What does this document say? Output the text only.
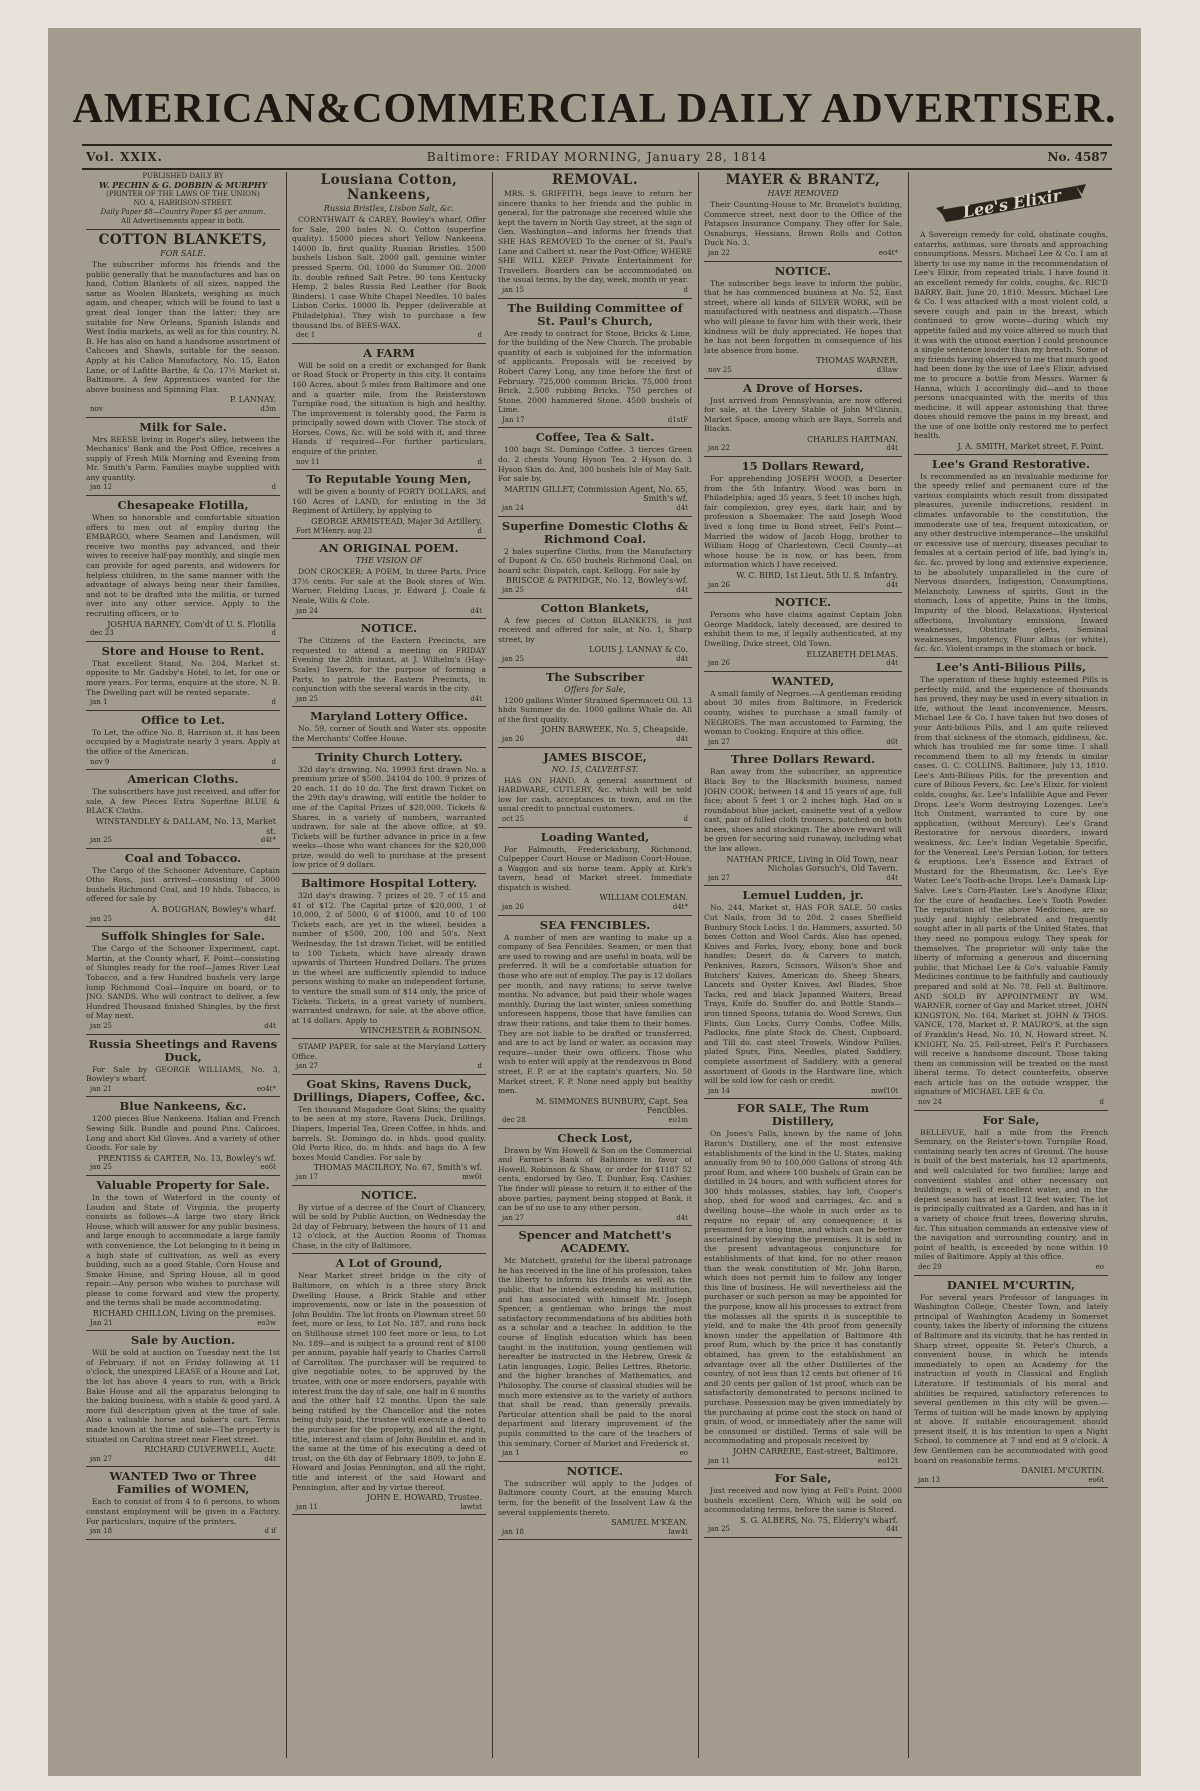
AMERICAN&COMMERCIAL DAILY ADVERTISER.
Vol. XXIX.	Baltimore: FRIDAY MORNING, January 28, 1814	No. 4587
PUBLISHED DAILY BY
W. PECHIN & G. DOBBIN & MURPHY
(PRINTER OF THE LAWS OF THE UNION)
NO. 4, HARRISON-STREET.
Daily Paper $8—Country Paper $5 per annum.
All Advertisements appear in both.
COTTON BLANKETS,
FOR SALE.
The subscriber informs his friends and the public generally that he manufactures and has on hand, Cotton Blankets of all sizes, napped the same as Woolen Blankets, weighing as much again, and cheaper, which will be found to last a great deal longer than the latter; they are suitable for New Orleans, Spanish Islands and West India markets, as well as for this country. N. B. He has also on hand a handsome assortment of Calicoes and Shawls, suitable for the season. Apply at his Calico Manufactory, No. 15, Eaton Lane, or of Lafitte Barthe, & Co. 17½ Market st. Baltimore. A few Apprentices wanted for the above business and Spinning Flax.
P. LANNAY.
nov	d3m
Milk for Sale.
Mrs REESE living in Roger's alley, between the Mechanics' Bank and the Post Office, receives a supply of Fresh Milk Morning and Evening from Mr. Smith's Farm. Families maybe supplied with any quantity.
jan 12	d
Chesapeake Flotilla,
When so honorable and comfortable situation offers to men out of employ during the EMBARGO, where Seamen and Landsmen, will receive two months pay advanced, and their wives to receive half-pay monthly, and single men can provide for aged parents, and widowers for helpless children, in the same manner with the advantage of always being near their families, and not to be drafted into the militia, or turned over into any other service. Apply to the recruiting officers, or to
JOSHUA BARNEY, Com'dt of U. S. Flotilla
dec 23	d
Store and House to Rent.
That excellent Stand, No. 204, Market st. opposite to Mr. Gadsby's Hotel, to let, for one or more years. For terms, enquire at the store. N. B. The Dwelling part will be rented separate.
jan 1	d
Office to Let.
To Let, the office No. 8, Harrison st. it has been occupied by a Magistrate nearly 3 years. Apply at the office of the American.
nov 9	d
American Cloths.
The subscribers have just received, and offer for sale, A few Pieces Extra Superfine BLUE & BLACK Cloths.
WINSTANDLEY & DALLAM, No. 13, Market st.
jan 25	d4t*
Coal and Tobacco.
The Cargo of the Schooner Adventure, Captain Otho Ross, just arrived—consisting of 3000 bushels Richmond Coal, and 10 hhds. Tobacco, is offered for sale by
A. BOUGHAN, Bowley's wharf.
jan 25	d4t
Suffolk Shingles for Sale.
The Cargo of the Schooner Experiment, capt. Martin, at the County wharf, F. Point—consisting of Shingles ready for the roof—James River Leaf Tobacco, and a few Hundred bushels very large lump Richmond Coal—Inquire on board, or to JNO. SANDS. Who will contract to deliver, a few Hundred Thousand finished Shingles, by the first of May next.
jan 25	d4t
Russia Sheetings and Ravens Duck,
For Sale by GEORGE WILLIAMS, No. 3, Bowley's wharf.
jan 21	eo4t*
Blue Nankeens, &c.
1200 pieces Blue Nankeens. Italian and French Sewing Silk. Bundle and pound Pins. Calicoes, Long and short Kid Gloves. And a variety of other Goods. For sale by
PRENTISS & CARTER, No. 13, Bowley's wf.
jan 25	eo6t
Valuable Property for Sale.
In the town of Waterford in the county of Loudon and State of Virginia, the property consists as follows—A large two story Brick House, which will answer for any public business, and large enough to accommodate a large family with convenience, the Lot belonging to it being in a high state of cultivation, as well as every building, such as a good Stable, Corn House and Smoke House, and Spring House, all in good repair.—Any person who wishes to purchase will please to come forward and view the property, and the terms shall be made accommodating.
RICHARD CHILLON, Living on the premises.
Jan 21	eo3w
Sale by Auction.
Will be sold at auction on Tuesday next the 1st of February, if not on Friday following at 11 o'clock, the unexpired LEASE of a House and Lot, the lot has above 4 years to run, with a Brick Bake House and all the apparatus belonging to the baking business, with a stable & good yard. A more full description given at the time of sale. Also a valuable horse and baker's cart. Terms made known at the time of sale—The property is situated on Carolina street near Fleet street.
RICHARD CULVERWELL, Auctr.
jan 27	d4t
WANTED Two or Three Families of WOMEN,
Each to consist of from 4 to 6 persons, to whom constant employment will be given in a Factory. For particulars, inquire of the printers.
jan 18	d if
Lousiana Cotton, Nankeens,
Russia Bristles, Lisbon Salt, &c.
CORNTHWAIT & CAREY, Bowley's wharf, Offer for Sale, 200 bales N. O. Cotton (superfine quality). 15000 pieces short Yellow Nankeens. 14000 lb. first quality Russian Bristles. 1500 bushels Lisbon Salt. 2000 gall. genuine winter pressed Sperm. Oil. 1000 do Summer Oil. 2000 lb. double refined Salt Petre. 90 tons Kentucky Hemp. 2 bales Russia Red Leather (for Book Binders). 1 case White Chapel Needles. 10 bales Lisbon Corks. 10000 lb. Pepper (deliverable at Philadelphia). They wish to purchase a few thousand lbs. of BEES-WAX.
dec 1	d
A FARM
Will be sold on a credit or exchanged for Bank or Road Stock or Property in this city. It contains 160 Acres, about 5 miles from Baltimore and one and a quarter mile, from the Reisterstown Turnpike road, the situation is high and healthy. The improvement is tolerably good, the Farm is principally sowed down with Clover. The stock of Horses, Cows, &c. will be sold with it, and three Hands if required—For further particulars, enquire of the printer.
nov 11	d
To Reputable Young Men,
will be given a bounty of FORTY DOLLARS, and 160 Acres of LAND, for enlisting in the 3d Regiment of Artillery, by applying to
GEORGE ARMISTEAD, Major 3d Artillery.
Fort M'Henry. aug 23	d
AN ORIGINAL POEM.
THE VISION OF
DON CROCKER; A POEM, In three Parts. Price 37½ cents. For sale at the Book stores of Wm. Warner, Fielding Lucas, jr. Edward J. Coale & Neale, Wills & Cole.
jan 24	d4t
NOTICE.
The Citizens of the Eastern Precincts, are requested to attend a meeting on FRIDAY Evening the 28th instant, at J. Wilhelm's (Hay-Scales) Tavern, for the purpose of forming a Party, to patrole the Eastern Precincts, in conjunction with the several wards in the city.
jan 25	d4t
Maryland Lottery Office.
No. 59, corner of South and Water sts. opposite the Merchants' Coffee House.
Trinity Church Lottery.
32d day's drawing. No. 19993 first drawn No. a premium prize of $500. 24104 do 100. 9 prizes of 20 each. 11 do 10 do. The first drawn Ticket on the 29th day's drawing, will entitle the holder to one of the Capital Prizes of $20,000. Tickets & Shares, in a variety of numbers, warranted undrawn, for sale at the above office, at $9. Tickets will be further advance in price in a few weeks—those who want chances for the $20,000 prize, would do well to purchase at the present low price of 9 dollars.
Baltimore Hospital Lottery.
32d day's drawing. 7 prizes of 20, 7 of 15 and 41 of $12. The Capital prize of $20,000, 1 of 10,000, 2 of 5000, 6 of $1000, and 10 of 100 Tickets each, are yet in the wheel, besides a number of $500, 200, 100 and 50's. Next Wednesday, the 1st drawn Ticket, will be entitled to 100 Tickets, which have already drawn upwards of Thirteen Hundred Dollars. The prizes in the wheel are sufficiently splendid to induce persons wishing to make an independent fortune, to venture the small sum of $14 only, the price of Tickets. Tickets, in a great variety of numbers, warranted undrawn, for sale, at the above office, at 14 dollars. Apply to
WINCHESTER & ROBINSON.
STAMP PAPER, for sale at the Maryland Lottery Office.
jan 27	d
Goat Skins, Ravens Duck, Drillings, Diapers, Coffee, &c.
Ten thousand Magadore Goat Skins; the quality to be seen at my store, Ravens Duck, Drillings, Diapers, Imperial Tea, Green Coffee, in hhds. and barrels. St. Domingo do. in hhds. good quality. Old Porto Rico, do. in hhds. and bags do. A few boxes Mould Candles. For sale by
THOMAS MACILROY, No. 67, Smith's wf.
jan 17	mw6t
NOTICE.
By virtue of a decree of the Court of Chancery, will be sold by Public Auction, on Wednesday the 2d day of February, between the hours of 11 and 12 o'clock, at the Auction Rooms of Thomas Chase, in the city of Baltimore,
A Lot of Ground,
Near Market street bridge in the city of Baltimore, on which is a three story Brick Dwelling House, a Brick Stable and other improvements, now or late in the possession of John Bouldin. The lot fronts on Plowman street 50 feet, more or less, to Lot No. 187, and runs back on Stillhouse street 100 feet more or less, to Lot No. 189—and is subject to a ground rent of $100 per annum, payable half yearly to Charles Carroll of Carrollton. The purchaser will be required to give negotiable notes, to be approved by the trustee, with one or more endorsers, payable with interest from the day of sale, one half in 6 months and the other half 12 months. Upon the sale being ratified by the Chancellor and the notes being duly paid, the trustee will execute a deed to the purchaser for the property, and all the right, title, interest and claim of John Bouldin et. and in the same at the time of his executing a deed of trust, on the 6th day of February 1809, to John E. Howard and Josias Pennington, and all the right, title and interest of the said Howard and Pennington, after and by virtue thereof.
JOHN E. HOWARD, Trustee.
jan 11	lawtst
REMOVAL.
MRS. S. GRIFFITH, begs leave to return her sincere thanks to her friends and the public in general, for the patronage she received while she kept the tavern in North Gay street, at the sign of Gen. Washington—and informs her friends that SHE HAS REMOVED To the corner of St. Paul's Lane and Calbert st. near the Post-Office; WHERE SHE WILL KEEP Private Entertainment for Travellers. Boarders can be accommodated on the usual terms, by the day, week, month or year.
jan 15	d
The Building Committee of St. Paul's Church,
Are ready to contract for Stone, Bricks & Lime, for the building of the New Church. The probable quantity of each is subjoined for the information of applicants. Proposals will be received by Robert Carey Long, any time before the first of February. 725,000 common Bricks. 75,000 front Brick. 2,500 rubbing Bricks. 750 perches of Stone. 2000 hammered Stone. 4500 bushels of Lime.
Jan 17	d1stF
Coffee, Tea & Salt.
100 bags St. Domingo Coffee. 3 tierces Green do. 2 chests Young Hyson Tea. 2 Hyson do. 3 Hyson Skin do. And, 300 bushels Isle of May Salt. For sale by,
MARTIN GILLET, Commission Agent, No. 65, Smith's wf.
jan 24	d4t
Superfine Domestic Cloths & Richmond Coal.
2 bales superfine Cloths, from the Manufactory of Dupont & Co. 650 bushels Richmond Coal, on board schr. Dispatch, capt. Kellogg. For sale by
BRISCOE & PATRIDGE, No. 12, Bowley's-wf.
jan 25	d4t
Cotton Blankets,
A few pieces of Cotton BLANKETS, is just received and offered for sale, at No. 1, Sharp street, by
LOUIS J. LANNAY & Co.
jan 25	d4t
The Subscriber
Offers for Sale,
1200 gallons Winter Strained Spermaceti Oil. 13 hhds Summer do do. 1000 gallons Whale do. All of the first quality.
JOHN BARWEEK, No. 5, Cheapside.
jan 26	d4t
JAMES BISCOE,
NO. 15, CALVERT-ST.
HAS ON HAND, A general assortment of HARDWARE, CUTLERY, &c. which will be sold low for cash, acceptances in town, and on the usual credit to punctual customers.
oct 25	d
Loading Wanted,
For Falmouth, Fredericksburg, Richmond, Culpepper Court House or Madison Court-House, a Waggon and six horse team. Apply at Kirk's tavern, head of Market street. Immediate dispatch is wished.
WILLIAM COLEMAN.
jan 26	d4t*
SEA FENCIBLES.
A number of men are wanting to make up a company of Sea Fencibles. Seamen, or men that are used to rowing and are useful in boats, will be preferred. It will be a comfortable situation for those who are out of employ. The pay is 12 dollars per month, and navy rations; to serve twelve months. No advance, but paid their whole wages monthly. During the last winter, unless something unforeseen happens, those that have families can draw their rations, and take them to their homes. They are not liable to be drafted or transferred, and are to act by land or water, as occasion may require—under their own officers. Those who wish to enter will apply at the rendezvous in Bond street, F. P. or at the captain's quarters, No. 50 Market street, F. P. None need apply but healthy men.
M. SIMMONES BUNBURY, Capt. Sea Fencibles.
dec 28	eo1m
Check Lost,
Drawn by Wm Howell & Son on the Commercial and Farmer's Bank of Baltimore in favor of Howell, Robinson & Shaw, or order for $1187 52 cents, endorsed by Geo. T. Dunbar, Esq. Cashier. The finder will please to return it to either of the above parties; payment being stopped at Bank, it can be of no use to any other person.
jan 27	d4t
Spencer and Matchett's ACADEMY.
Mr. Matchett, grateful for the liberal patronage he has received in the line of his profession, takes the liberty to inform his friends as well as the public, that he intends extending his institution, and has associated with himself Mr. Joseph Spencer, a gentleman who brings the most satisfactory recommendations of his abilities both as a scholar and a teacher. In addition to the course of English education which has been taught in the institution, young gentlemen will hereafter be instructed in the Hebrew, Greek & Latin languages, Logic, Belles Lettres, Rhetoric, and the higher branches of Mathematics, and Philosophy. The course of classical studies will be much more extensive as to the variety of authors that shall be read, than generally prevails. Particular attention shall be paid to the moral department and literary improvement of the pupils committed to the care of the teachers of this seminary. Corner of Market and Frederick st.
jan 1	eo
NOTICE.
The subscriber will apply to the Judges of Baltimore county Court, at the ensuing March term, for the benefit of the Insolvent Law & the several supplements thereto.
SAMUEL M'KEAN.
jan 18	law4t
MAYER & BRANTZ,
HAVE REMOVED
Their Counting-House to Mr. Brunelot's building, Commerce street, next door to the Office of the Patapsco Insurance Company. They offer for Sale, Osnaburgs, Hessians, Brown Rolls and Cotton Duck No. 3.
jan 22	eo4t*
NOTICE.
The subscriber begs leave to inform the public, that he has commenced business at No. 52, East street, where all kinds of SILVER WORK, will be manufactured with neatness and dispatch.—Those who will please to favor him with their work, their kindness will be duly appreciated. He hopes that he has not been forgotten in consequence of his late absence from home.
THOMAS WARNER.
nov 25	d3law
A Drove of Horses.
Just arrived from Pennsylvania, are now offered for sale, at the Livery Stable of John M'Ginnis, Market Space, among which are Bays, Sorrels and Blacks.
CHARLES HARTMAN.
jan 22	d4t
15 Dollars Reward,
For apprehending JOSEPH WOOD, a Deserter from the 5th Infantry. Wood was born in Philadelphia; aged 35 years, 5 feet 10 inches high, fair complexion, grey eyes, dark hair, and by profession a Shoemaker. The said Joseph Wood lived a long time in Bond street, Fell's Point—Married the widow of Jacob Hogg, brother to William Hogg of Charlestown, Cecil County—at whose house he is now, or has been, from information which I have received.
W. C. BIRD, 1st Lieut. 5th U. S. Infantry.
jan 26	d4t
NOTICE.
Persons who have claims against Captain John George Maddock, lately deceased, are desired to exhibit them to me, if legally authenticated, at my Dwelling, Duke street, Old Town.
ELIZABETH DELMAS.
jan 26	d4t
WANTED,
A small family of Negroes.—A gentleman residing about 30 miles from Baltimore, in Frederick county, wishes to purchase a small family of NEGROES. The man accustomed to Farming, the woman to Cooking. Enquire at this office.
jan 27	d6t
Three Dollars Reward.
Ran away from the subscriber, an apprentice Black Boy to the Blacksmith business, named JOHN COOK; between 14 and 15 years of age, full face; about 5 feet 1 or 2 inches high. Had on a roundabout blue jacket, casinette vest of a yellow cast, pair of fulled cloth trousers, patched on both knees, shoes and stockings. The above reward will be given for securing said runaway, including what the law allows.
NATHAN PRICE, Living in Old Town, near Nicholas Gorsuch's, Old Tavern.
jan 27	d4t
Lemuel Ludden, jr.
No. 244, Market st, HAS FOR SALE, 50 casks Cut Nails, from 3d to 20d. 2 cases Sheffield Bunbury Stock Locks. 1 do. Hammers, assorted. 50 boxes Cotton and Wool Cards. Also has opened, Knives and Forks, Ivory, ebony, bone and buck handles; Desert do. & Carvers to match, Penknives, Razors, Scissors, Wilson's Shoe and Butchers' Knives, American do. Sheep Shears, Lancets and Oyster Knives, Awl Blades, Shoe Tacks, red and black Japanned Waiters, Bread Trays, Knife do. Snuffer do. and Bottle Stands—iron tinned Spoons, tutania do. Wood Screws, Gun Flints, Gun Locks, Curry Combs, Coffee Mills, Padlocks, fine plate Stock do. Chest, Cupboard, and Till do. cast steel Trowels, Window Pullies, plated Spurs, Pins, Needles, plated Saddlery, complete assortment of Saddlery, with a general assortment of Goods in the Hardware line, which will be sold low for cash or credit.
jan 14	mwf10t
FOR SALE, The Rum Distillery,
On Jones's Falls, known by the name of John Baron's Distillery, one of the most extensive establishments of the kind in the U. States, making annually from 90 to 100,000 Gallons of strong 4th proof Rum, and where 100 bushels of Grain can be distilled in 24 hours, and with sufficient stores for 300 hhds molasses, stables, hay loft, Cooper's shop, shed for wood and carriages, &c. and a dwelling house—the whole in such order as to require no repair of any consequence; it is presumed for a long time, and which can be better ascertained by viewing the premises. It is sold in the present advantageous conjuncture for establishments of that kind, for no other reason than the weak constitution of Mr. John Baron, which does not permit him to follow any longer this line of business. He will nevertheless aid the purchaser or such person as may be appointed for the purpose, know all his processes to extract from the molasses all the spirits it is susceptible to yield, and to make the 4th proof from generally known under the appellation of Baltimore 4th proof Rum, which by the price it has constantly obtained, has given to the establishment an advantage over all the other Distilleries of the country, of not less than 12 cents but oftener of 16 and 20 cents per gallon of 1st proof, which can be satisfactorily demonstrated to persons inclined to purchase. Possession may be given immediately by the purchasing at prime cost the stock on hand of grain, of wood, or immediately after the same will be consumed or distilled. Terms of sale will be accommodating and proposals received by
JOHN CARRERE, East-street, Baltimore.
jan 11	eo12t
For Sale,
Just received and now lying at Fell's Point, 2000 bushels excellent Corn, Which will be sold on accommodating terms, before the same is Stored.
S. G. ALBERS, No. 75, Elderry's wharf.
jan 25	d4t
Lee's Elixir
A Sovereign remedy for cold, obstinate coughs, catarrhs, asthmas, sore throats and approaching consumptions. Messrs. Michael Lee & Co. I am at liberty to use my name in the recommendation of Lee's Elixir, from repeated trials, I have found it an excellent remedy for colds, coughs, &c. RIC'D BARRY. Balt. June 20, 1810. Messrs. Michael Lee & Co. I was attacked with a most violent cold, a severe cough and pain in the breast, which continued to grow worse—during which my appetite failed and my voice altered so much that it was with the utmost exertion I could pronounce a single sentence louder than my breath. Some of my friends having observed to me that much good had been done by the use of Lee's Elixir, advised me to procure a bottle from Messrs. Warner & Hanna, which I accordingly did—and to those persons unacquainted with the merits of this medicine, it will appear astonishing that three doses should remove the pains in my breast, and the use of one bottle only restored me to perfect health.
J. A. SMITH, Market street, F. Point.
Lee's Grand Restorative.
Is recommended as an invaluable medicine for the speedy relief and permanent cure of the various complaints which result from dissipated pleasures, juvenile indiscretions, resident in climates unfavorable to the constitution, the immoderate use of tea, frequent intoxication, or any other destructive intemperance—the unskilful or excessive use of mercury, diseases peculiar to females at a certain period of life, bad lying's in, &c. &c. proved by long and extensive experience, to be absolutely unparalleled in the cure of Nervous disorders, Indigestion, Consumptions, Melancholy, Lowness of spirits, Gout in the stomach, Loss of appetite, Pains in the limbs, Impurity of the blood, Relaxations, Hysterical affections, Involuntary emissions, Inward weaknesses, Obstinate gleets, Seminal weaknesses, Impotency, Fluor albus (or white), &c. &c. Violent cramps in the stomach or back.
Lee's Anti-Bilious Pills,
The operation of these highly esteemed Pills is perfectly mild, and the experience of thousands has proved, they may be used in every situation in life, without the least inconvenience. Messrs. Michael Lee & Co. I have taken but two doses of your Anti-bilious Pills, and I am quite relieved from that sickness of the stomach, giddiness, &c. which has troubled me for some time. I shall recommend them to all my friends in similar cases. G. C. COLLINS. Baltimore, July 13, 1810. Lee's Anti-Bilious Pills, for the prevention and cure of Bilious Fevers, &c. Lee's Elixir, for violent colds, coughs, &c. Lee's Infallible Ague and Fever Drops. Lee's Worm destroying Lozenges. Lee's Itch Ointment, warranted to cure by one application, (without Mercury). Lee's Grand Restorative for nervous disorders, inward weakness, &c. Lee's Indian Vegetable Specific, for the Venereal. Lee's Persian Lotion, for tetters & eruptions. Lee's Essence and Extract of Mustard for the Rheumatism, &c. Lee's Eye Water. Lee's Tooth-ache Drops. Lee's Damask Lip-Salve. Lee's Corn-Plaster. Lee's Anodyne Elixir, for the cure of headaches. Lee's Tooth Powder. The reputation of the above Medicines, are so justly and highly celebrated and frequently sought after in all parts of the United States, that they need no pompous eulogy. They speak for themselves. The proprietor will only take the liberty of informing a generous and discerning public, that Michael Lee & Co's. valuable Family Medicines continue to be faithfully and cautiously prepared and sold at No. 78, Fell st. Baltimore. AND SOLD BY APPOINTMENT BY WM. WARNER, corner of Gay and Market street, JOHN KINGSTON, No. 164, Market st. JOHN & THOS. VANCE, 178, Market st. P. MAURO'S, at the sign of Franklin's Head, No. 10, N. Howard street. N. KNIGHT, No. 25, Fell-street, Fell's P. Purchasers will receive a handsome discount. Those taking them on commission will be treated on the most liberal terms. To detect counterfeits, observe each article has on the outside wrapper, the signature of MICHAEL LEE & Co.
nov 24	d
For Sale,
BELLEVUE, half a mile from the French Seminary, on the Reister's-town Turnpike Road, containing nearly ten acres of Ground. The house is built of the best materials, has 12 apartments, and well calculated for two families; large and convenient stables and other necessary out buildings; a well of excellent water, and in the depest season has at least 12 feet water. The lot is principally cultivated as a Garden, and has in it a variety of choice fruit trees, flowering shrubs, &c. This situation commands an extensive view of the navigation and surrounding country, and in point of health, is exceeded by none within 10 miles of Baltimore. Apply at this office.
dec 29	eo
DANIEL M'CURTIN,
For several years Professor of languages in Washington College, Chester Town, and lately principal of Washington Academy in Somerset county, takes the liberty of informing the citizens of Baltimore and its vicinity, that he has rented in Sharp street, opposite St. Peter's Church, a convenient house, in which he intends immediately to open an Academy for the instruction of youth in Classical and English Literature. If testimonials of his moral and abilities be required, satisfactory references to several gentlemen in this city will be given.—Terms of tuition will be made known by applying at above. If suitable encouragement should present itself, it is his intention to open a Night School, to commence at 7 and end at 9 o'clock. A few Gentlemen can be accommodated with good board on reasonable terms.
DANIEL M'CURTIN.
jan 13	eo6t
